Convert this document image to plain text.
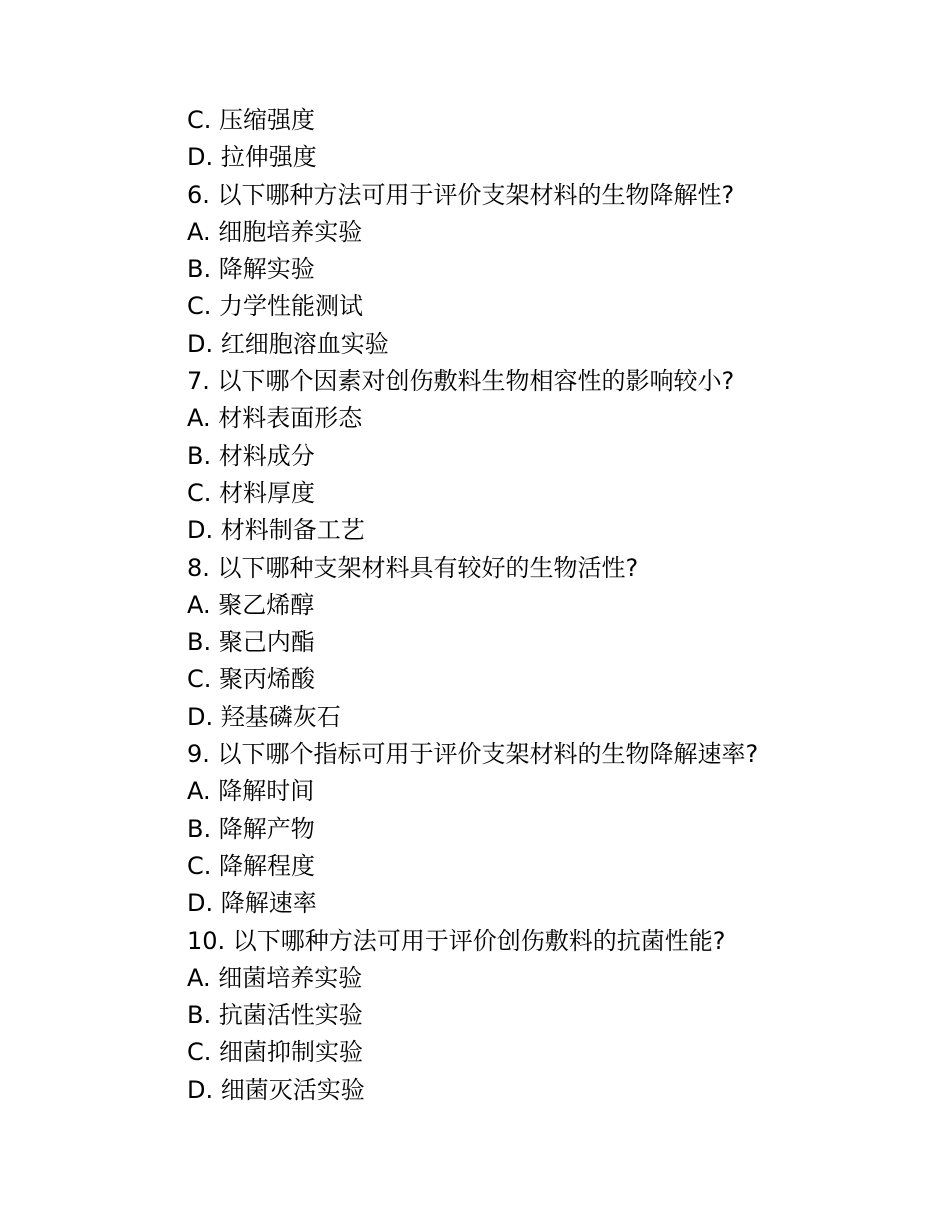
C. 压缩强度
D. 拉伸强度
6. 以下哪种方法可用于评价支架材料的生物降解性?
A. 细胞培养实验
B. 降解实验
C. 力学性能测试
D. 红细胞溶血实验
7. 以下哪个因素对创伤敷料生物相容性的影响较小?
A. 材料表面形态
B. 材料成分
C. 材料厚度
D. 材料制备工艺
8. 以下哪种支架材料具有较好的生物活性?
A. 聚乙烯醇
B. 聚己内酯
C. 聚丙烯酸
D. 羟基磷灰石
9. 以下哪个指标可用于评价支架材料的生物降解速率?
A. 降解时间
B. 降解产物
C. 降解程度
D. 降解速率
10. 以下哪种方法可用于评价创伤敷料的抗菌性能?
A. 细菌培养实验
B. 抗菌活性实验
C. 细菌抑制实验
D. 细菌灭活实验
